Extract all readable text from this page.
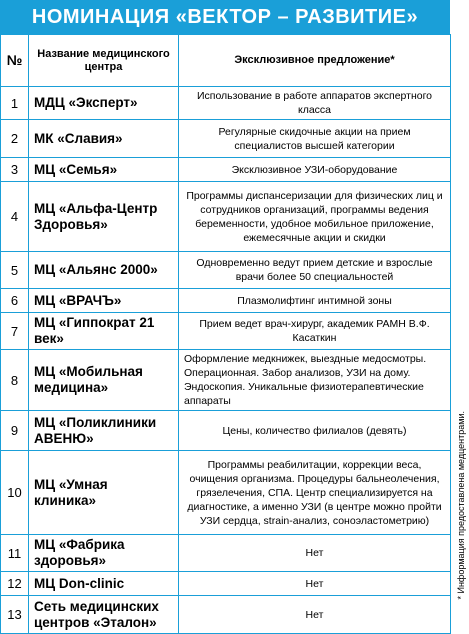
НОМИНАЦИЯ «ВЕКТОР – РАЗВИТИЕ»
№	Название медицинского центра	Эксклюзивное предложение*
1	МДЦ «Эксперт»	Использование в работе аппаратов экспертного класса
2	МК «Славия»	Регулярные скидочные акции на прием специалистов высшей категории
3	МЦ «Семья»	Эксклюзивное УЗИ-оборудование
4	МЦ «Альфа-Центр Здоровья»	Программы диспансеризации для физических лиц и сотрудников организаций, программы ведения беременности, удобное мобильное приложение, ежемесячные акции и скидки
5	МЦ «Альянс 2000»	Одновременно ведут прием детские и взрослые врачи более 50 специальностей
6	МЦ «ВРАЧЪ»	Плазмолифтинг интимной зоны
7	МЦ «Гиппократ 21 век»	Прием ведет врач-хирург, академик РАМН В.Ф. Касаткин
8	МЦ «Мобильная медицина»	Оформление медкнижек, выездные медосмотры. Операционная. Забор анализов, УЗИ на дому. Эндоскопия. Уникальные физиотерапевтические аппараты
9	МЦ «Поликлиники АВЕНЮ»	Цены, количество филиалов (девять)
10	МЦ «Умная клиника»	Программы реабилитации, коррекции веса, очищения организма. Процедуры бальнеолечения, грязелечения, СПА. Центр специализируется на диагностике, а именно УЗИ (в центре можно пройти УЗИ сердца, strain-анализ, соноэластометрию)
11	МЦ «Фабрика здоровья»	Нет
12	МЦ Don-clinic	Нет
13	Сеть медицинских центров «Эталон»	Нет
* Информация предоставлена медцентрами.
